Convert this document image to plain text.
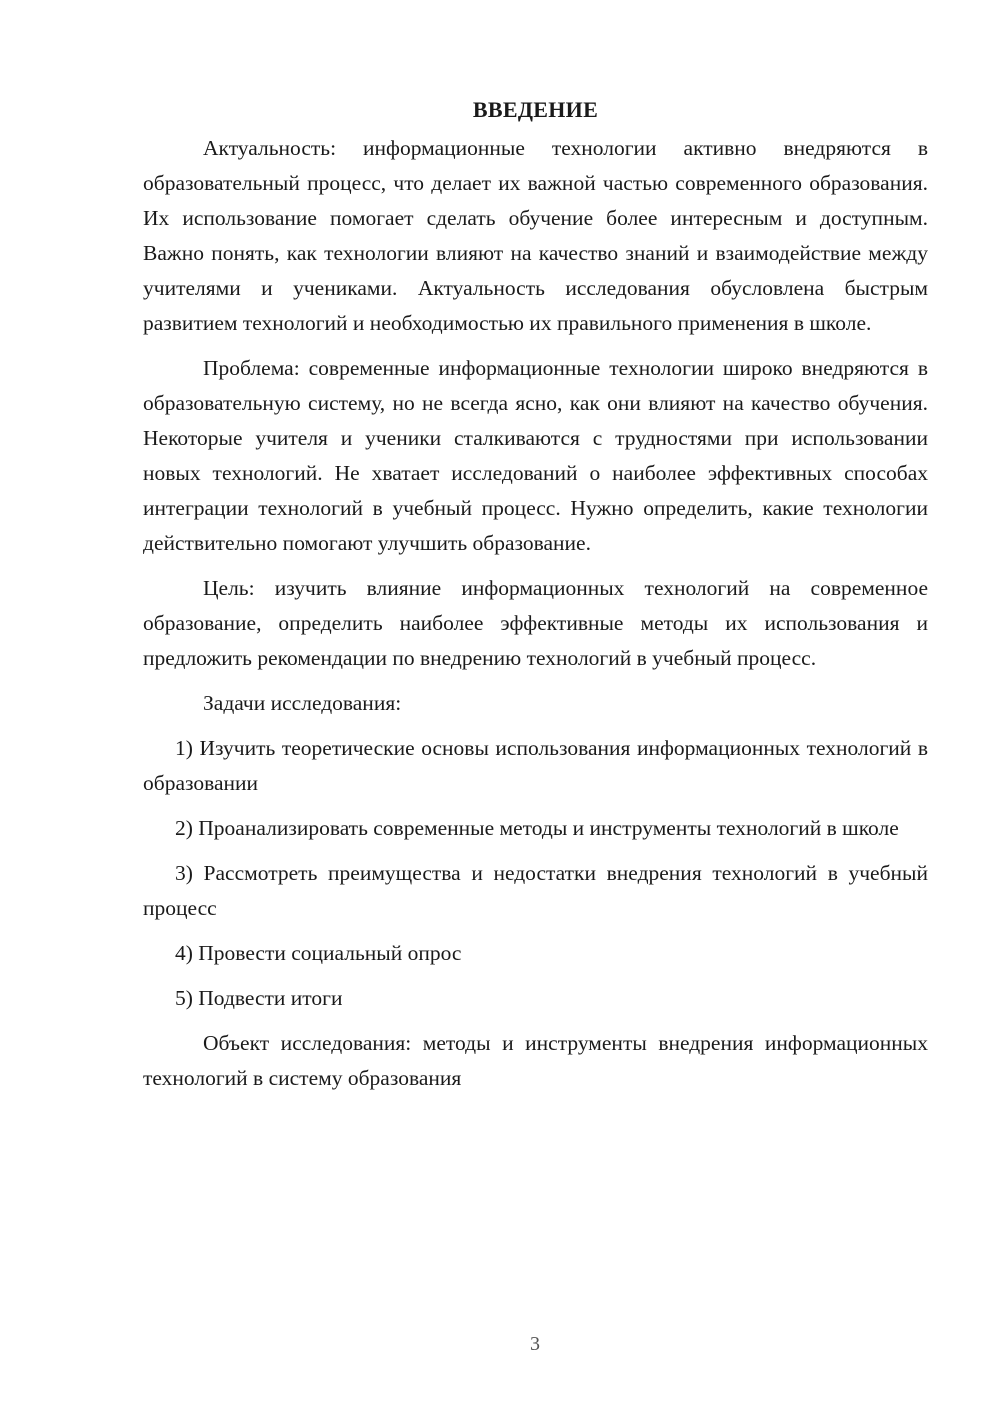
ВВЕДЕНИЕ

Актуальность: информационные технологии активно внедряются в образовательный процесс, что делает их важной частью современного образования. Их использование помогает сделать обучение более интересным и доступным. Важно понять, как технологии влияют на качество знаний и взаимодействие между учителями и учениками. Актуальность исследования обусловлена быстрым развитием технологий и необходимостью их правильного применения в школе.

Проблема: современные информационные технологии широко внедряются в образовательную систему, но не всегда ясно, как они влияют на качество обучения. Некоторые учителя и ученики сталкиваются с трудностями при использовании новых технологий. Не хватает исследований о наиболее эффективных способах интеграции технологий в учебный процесс. Нужно определить, какие технологии действительно помогают улучшить образование.

Цель: изучить влияние информационных технологий на современное образование, определить наиболее эффективные методы их использования и предложить рекомендации по внедрению технологий в учебный процесс.

Задачи исследования:

1) Изучить теоретические основы использования информационных технологий в образовании

2) Проанализировать современные методы и инструменты технологий в школе

3) Рассмотреть преимущества и недостатки внедрения технологий в учебный процесс

4) Провести социальный опрос

5) Подвести итоги

Объект исследования: методы и инструменты внедрения информационных технологий в систему образования

3
